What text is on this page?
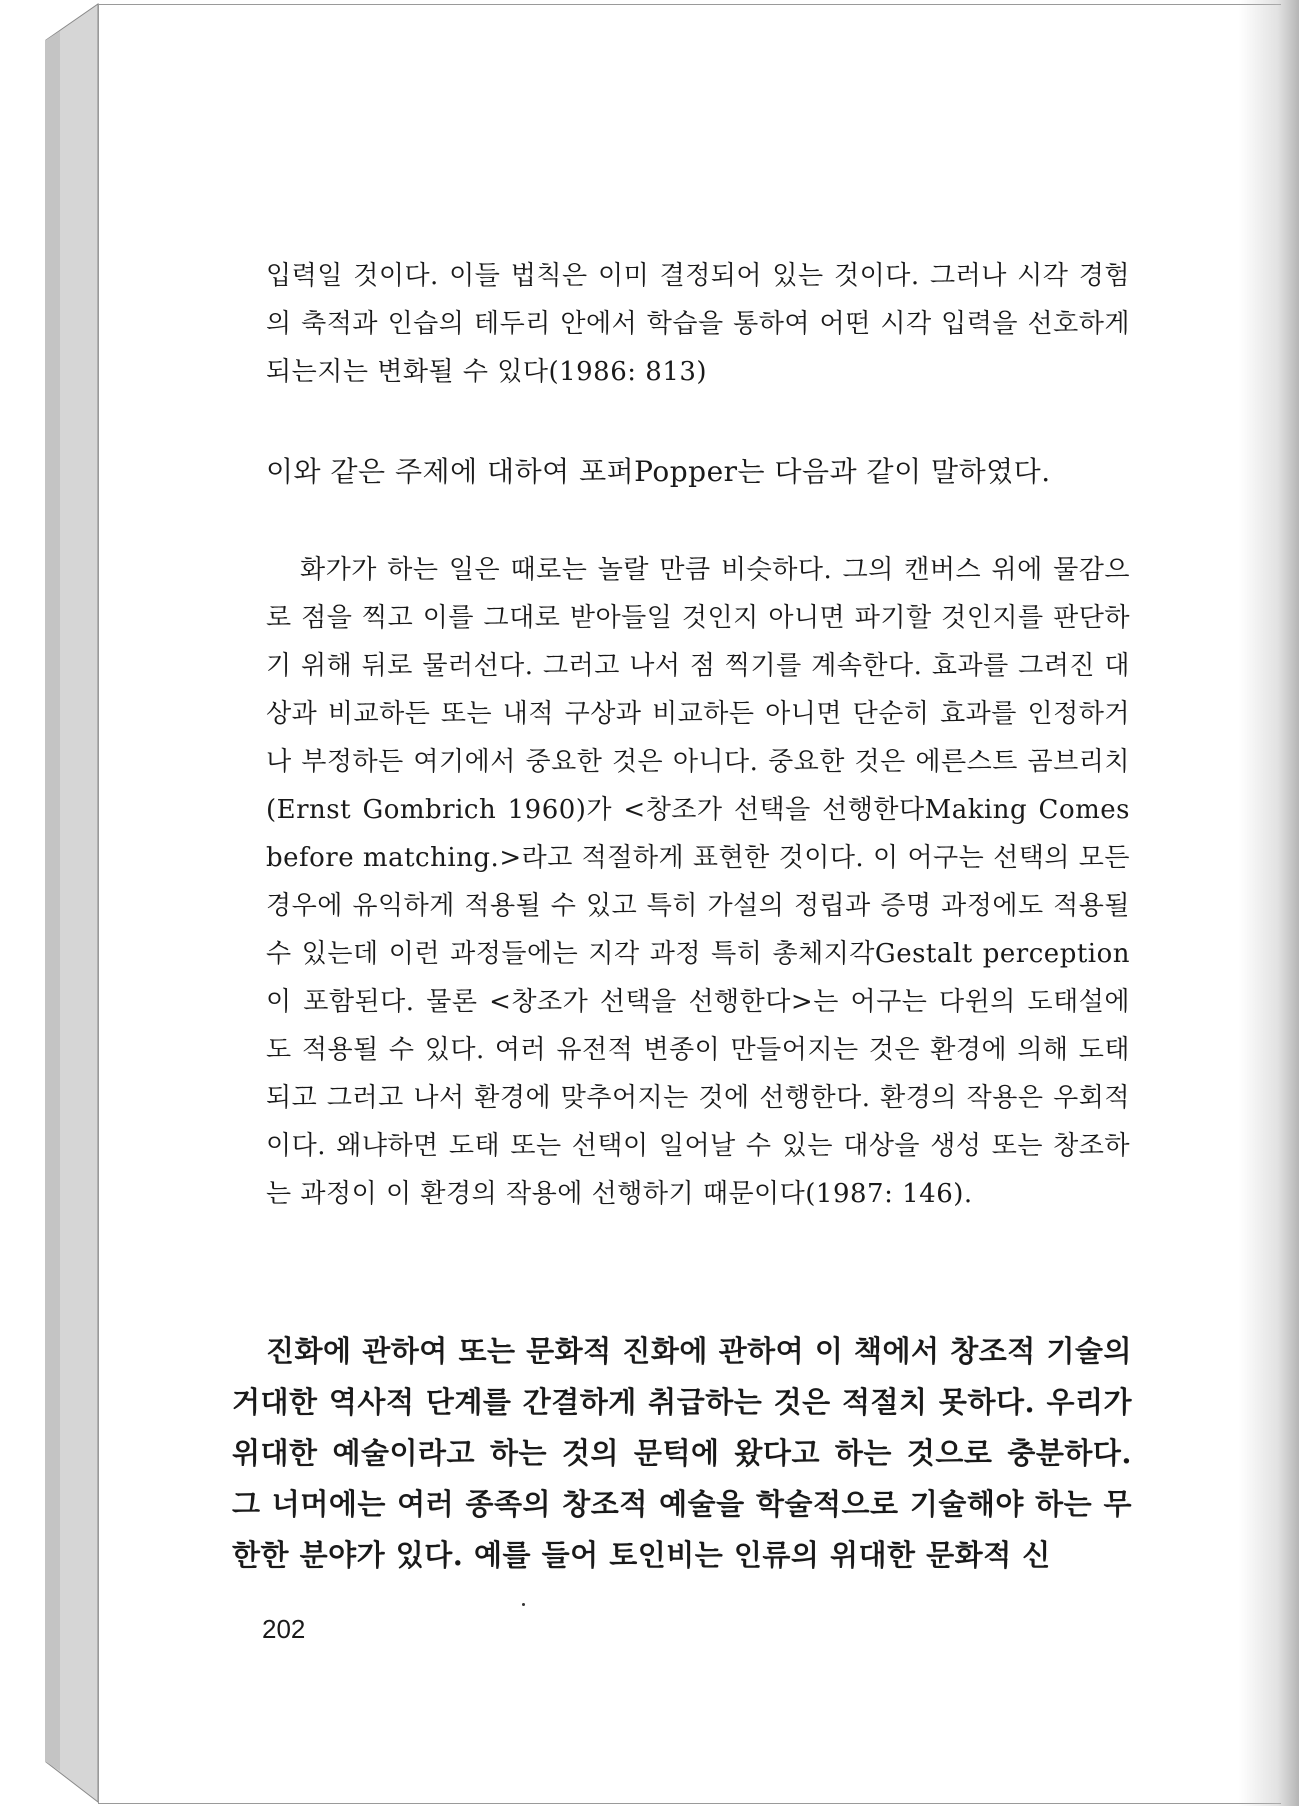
입력일 것이다. 이들 법칙은 이미 결정되어 있는 것이다. 그러나 시각 경험의 축적과 인습의 테두리 안에서 학습을 통하여 어떤 시각 입력을 선호하게 되는지는 변화될 수 있다(1986: 813)

이와 같은 주제에 대하여 포퍼Popper는 다음과 같이 말하였다.

화가가 하는 일은 때로는 놀랄 만큼 비슷하다. 그의 캔버스 위에 물감으로 점을 찍고 이를 그대로 받아들일 것인지 아니면 파기할 것인지를 판단하기 위해 뒤로 물러선다. 그러고 나서 점 찍기를 계속한다. 효과를 그려진 대상과 비교하든 또는 내적 구상과 비교하든 아니면 단순히 효과를 인정하거나 부정하든 여기에서 중요한 것은 아니다. 중요한 것은 에른스트 곰브리치(Ernst Gombrich 1960)가 <창조가 선택을 선행한다Making Comes before matching.>라고 적절하게 표현한 것이다. 이 어구는 선택의 모든 경우에 유익하게 적용될 수 있고 특히 가설의 정립과 증명 과정에도 적용될 수 있는데 이런 과정들에는 지각 과정 특히 총체지각Gestalt perception이 포함된다. 물론 <창조가 선택을 선행한다>는 어구는 다윈의 도태설에도 적용될 수 있다. 여러 유전적 변종이 만들어지는 것은 환경에 의해 도태되고 그러고 나서 환경에 맞추어지는 것에 선행한다. 환경의 작용은 우회적이다. 왜냐하면 도태 또는 선택이 일어날 수 있는 대상을 생성 또는 창조하는 과정이 이 환경의 작용에 선행하기 때문이다(1987: 146).

진화에 관하여 또는 문화적 진화에 관하여 이 책에서 창조적 기술의 거대한 역사적 단계를 간결하게 취급하는 것은 적절치 못하다. 우리가 위대한 예술이라고 하는 것의 문턱에 왔다고 하는 것으로 충분하다. 그 너머에는 여러 종족의 창조적 예술을 학술적으로 기술해야 하는 무한한 분야가 있다. 예를 들어 토인비는 인류의 위대한 문화적 신

202
